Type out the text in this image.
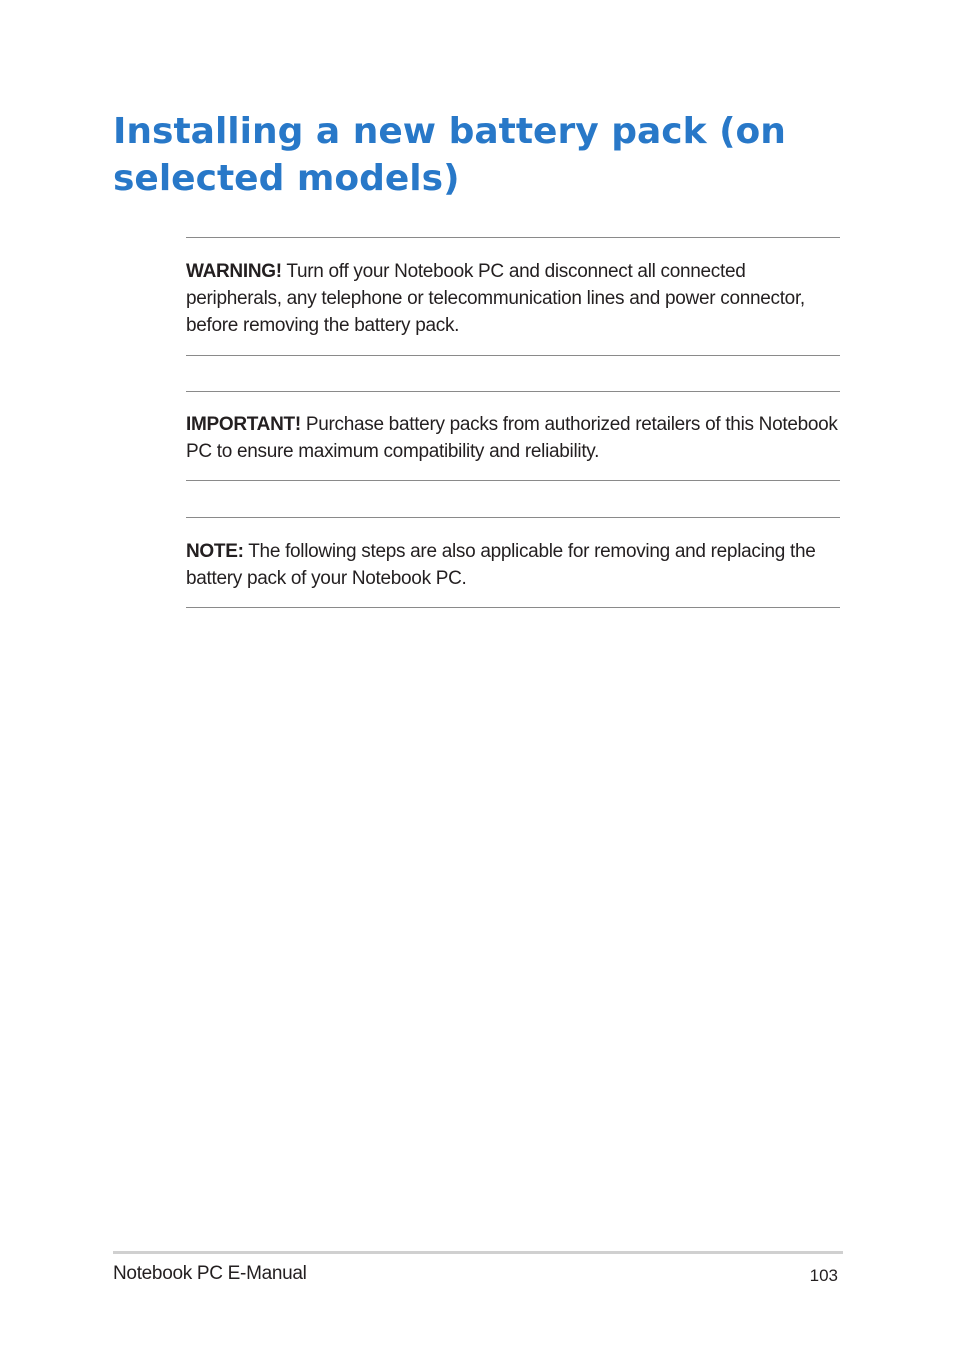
Installing a new battery pack (on selected models)

WARNING! Turn off your Notebook PC and disconnect all connected peripherals, any telephone or telecommunication lines and power connector, before removing the battery pack.

IMPORTANT! Purchase battery packs from authorized retailers of this Notebook PC to ensure maximum compatibility and reliability.

NOTE: The following steps are also applicable for removing and replacing the battery pack of your Notebook PC.

Notebook PC E-Manual	103
